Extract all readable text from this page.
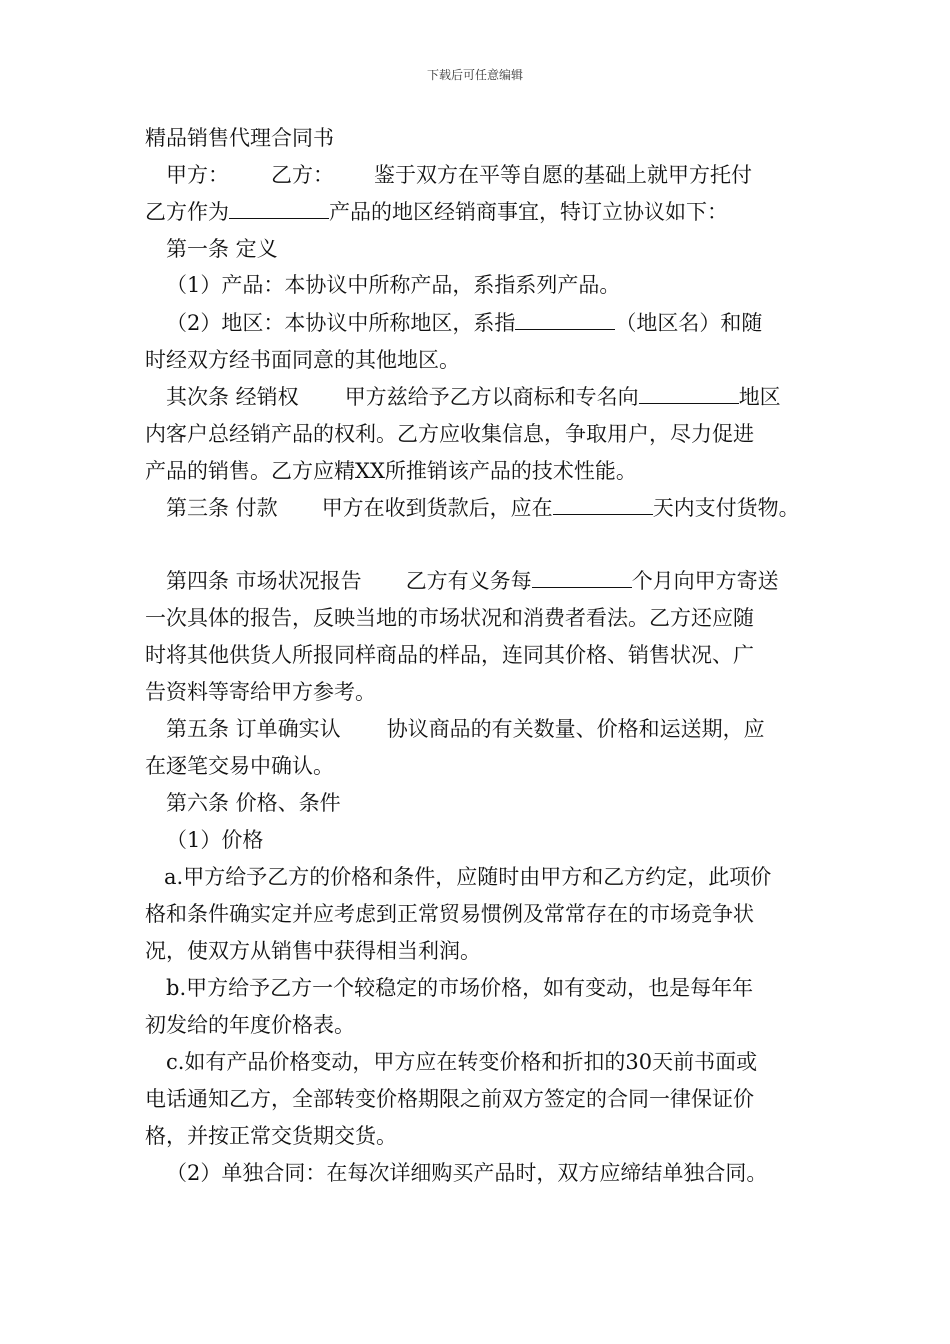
下载后可任意编辑
精品销售代理合同书
甲方： 乙方： 鉴于双方在平等自愿的基础上就甲方托付
乙方作为	产品的地区经销商事宜，特订立协议如下：
第一条 定义
（1）产品：本协议中所称产品，系指系列产品。
（2）地区：本协议中所称地区，系指	（地区名）和随
时经双方经书面同意的其他地区。
其次条 经销权 甲方兹给予乙方以商标和专名向	地区
内客户总经销产品的权利。乙方应收集信息，争取用户，尽力促进
产品的销售。乙方应精XX所推销该产品的技术性能。
第三条 付款 甲方在收到货款后，应在	天内支付货物。
第四条 市场状况报告 乙方有义务每	个月向甲方寄送
一次具体的报告，反映当地的市场状况和消费者看法。乙方还应随
时将其他供货人所报同样商品的样品，连同其价格、销售状况、广
告资料等寄给甲方参考。
第五条 订单确实认 协议商品的有关数量、价格和运送期，应
在逐笔交易中确认。
第六条 价格、条件
（1）价格
a.甲方给予乙方的价格和条件，应随时由甲方和乙方约定，此项价
格和条件确实定并应考虑到正常贸易惯例及常常存在的市场竞争状
况，使双方从销售中获得相当利润。
b.甲方给予乙方一个较稳定的市场价格，如有变动，也是每年年
初发给的年度价格表。
c.如有产品价格变动，甲方应在转变价格和折扣的30天前书面或
电话通知乙方，全部转变价格期限之前双方签定的合同一律保证价
格，并按正常交货期交货。
（2）单独合同：在每次详细购买产品时，双方应缔结单独合同。
